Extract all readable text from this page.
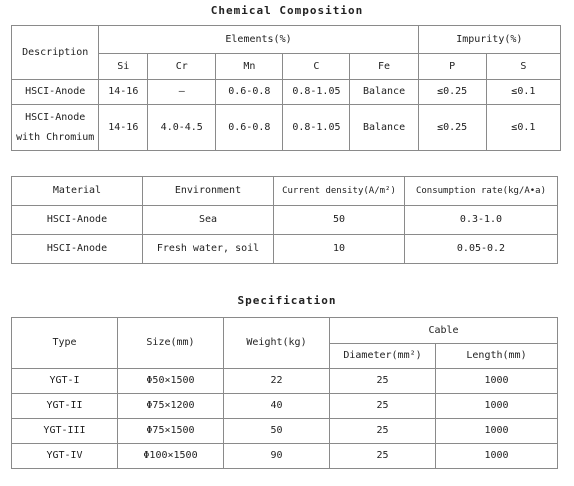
Chemical Composition
Description	Elements(%)					Impurity(%)	
	Si	Cr	Mn	C	Fe	P	S
HSCI-Anode	14-16	—	0.6-0.8	0.8-1.05	Balance	≤0.25	≤0.1

HSCI-Anode
with Chromium	14-16	4.0-4.5	0.6-0.8	0.8-1.05	Balance	≤0.25	≤0.1
Material	Environment	Current density(A/m²)	Consumption rate(kg/A•a)
HSCI-Anode	Sea	50	0.3-1.0
HSCI-Anode	Fresh water, soil	10	0.05-0.2
Specification
Type	Size(mm)	Weight(kg)	Cable	
			Diameter(mm²)	Length(mm)
YGT-I	Φ50×1500	22	25	1000
YGT-II	Φ75×1200	40	25	1000
YGT-III	Φ75×1500	50	25	1000
YGT-IV	Φ100×1500	90	25	1000
